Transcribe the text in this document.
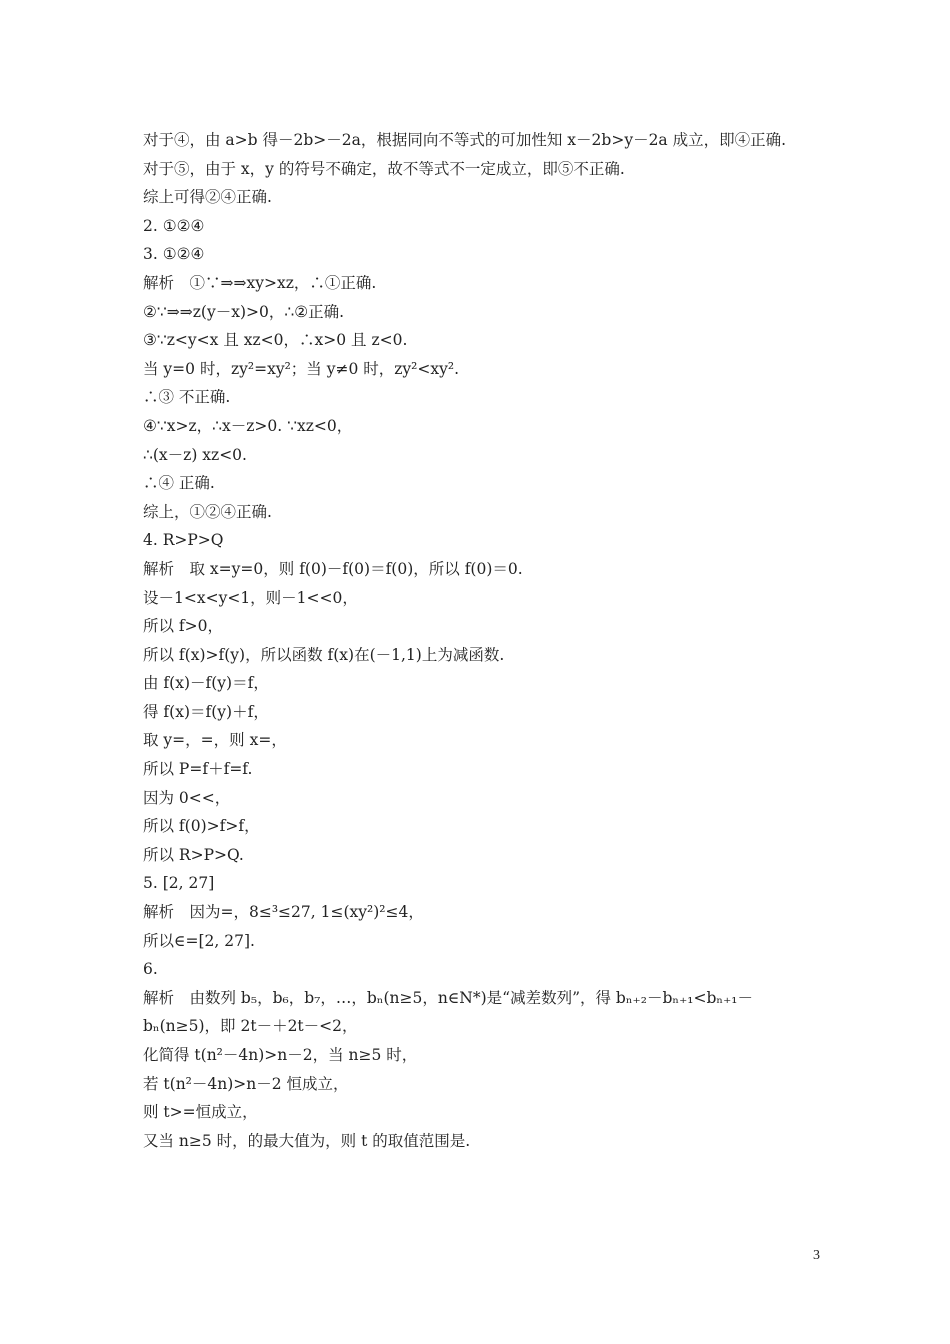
对于④，由 a>b 得－2b>－2a，根据同向不等式的可加性知 x－2b>y－2a 成立，即④正确.
对于⑤，由于 x，y 的符号不确定，故不等式不一定成立，即⑤不正确.
综上可得②④正确.
2. ①②④
3. ①②④
解析　①∵⇒⇒xy>xz，∴①正确.
②∵⇒⇒z(y－x)>0，∴②正确.
③∵z<y<x 且 xz<0，∴x>0 且 z<0.
当 y=0 时，zy²=xy²；当 y≠0 时，zy²<xy².
∴③ 不正确.
④∵x>z，∴x－z>0. ∵xz<0，
∴(x－z) xz<0.
∴④ 正确.
综上，①②④正确.
4. R>P>Q
解析　取 x=y=0，则 f(0)－f(0)＝f(0)，所以 f(0)＝0.
设－1<x<y<1，则－1<<0，
所以 f>0，
所以 f(x)>f(y)，所以函数 f(x)在(－1,1)上为减函数.
由 f(x)－f(y)＝f，
得 f(x)＝f(y)＋f，
取 y=，=，则 x=，
所以 P=f＋f=f.
因为 0<<，
所以 f(0)>f>f，
所以 R>P>Q.
5. [2, 27]
解析　因为=，8≤³≤27, 1≤(xy²)²≤4，
所以∈=[2, 27].
6.
解析　由数列 b₅，b₆，b₇，…，bₙ(n≥5，n∈N*)是“减差数列”，得 bₙ₊₂－bₙ₊₁<bₙ₊₁－
bₙ(n≥5)，即 2t－＋2t－<2，
化简得 t(n²－4n)>n－2，当 n≥5 时，
若 t(n²－4n)>n－2 恒成立，
则 t>=恒成立，
又当 n≥5 时，的最大值为，则 t 的取值范围是.
3
